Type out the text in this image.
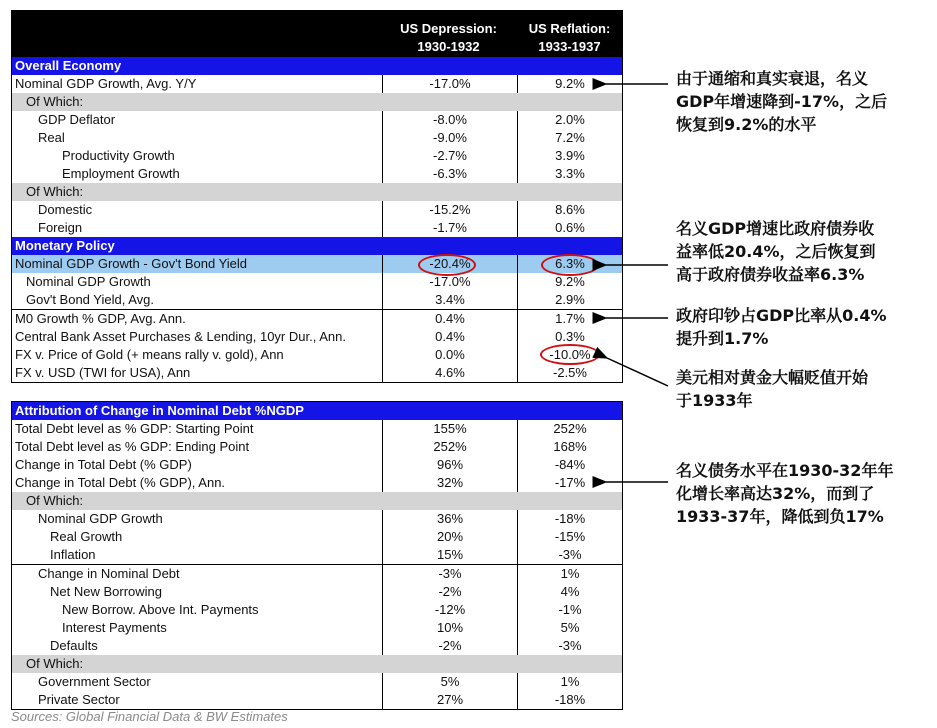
US Depression:
1930-1932
US Reflation:
1933-1937
Overall Economy
Nominal GDP Growth, Avg. Y/Y	-17.0%	9.2%
Of Which:
GDP Deflator	-8.0%	2.0%
Real	-9.0%	7.2%
Productivity Growth	-2.7%	3.9%
Employment Growth	-6.3%	3.3%
Of Which:
Domestic	-15.2%	8.6%
Foreign	-1.7%	0.6%
Monetary Policy
Nominal GDP Growth - Gov't Bond Yield	-20.4%	6.3%
Nominal GDP Growth	-17.0%	9.2%
Gov't Bond Yield, Avg.	3.4%	2.9%
M0 Growth % GDP, Avg. Ann.	0.4%	1.7%
Central Bank Asset Purchases & Lending, 10yr Dur., Ann.	0.4%	0.3%
FX v. Price of Gold (+ means rally v. gold), Ann	0.0%	-10.0%
FX v. USD (TWI for USA), Ann	4.6%	-2.5%
Attribution of Change in Nominal Debt %NGDP
Total Debt level as % GDP: Starting Point	155%	252%
Total Debt level as % GDP: Ending Point	252%	168%
Change in Total Debt (% GDP)	96%	-84%
Change in Total Debt (% GDP), Ann.	32%	-17%
Of Which:
Nominal GDP Growth	36%	-18%
Real Growth	20%	-15%
Inflation	15%	-3%
Change in Nominal Debt	-3%	1%
Net New Borrowing	-2%	4%
New Borrow. Above Int. Payments	-12%	-1%
Interest Payments	10%	5%
Defaults	-2%	-3%
Of Which:
Government Sector	5%	1%
Private Sector	27%	-18%
由于通缩和真实衰退，名义
GDP年增速降到-17%，之后
恢复到9.2%的水平
名义GDP增速比政府债券收
益率低20.4%，之后恢复到
高于政府债券收益率6.3%
政府印钞占GDP比率从0.4%
提升到1.7%
美元相对黄金大幅贬值开始
于1933年
名义债务水平在1930-32年年
化增长率高达32%，而到了
1933-37年，降低到负17%
Sources: Global Financial Data & BW Estimates
